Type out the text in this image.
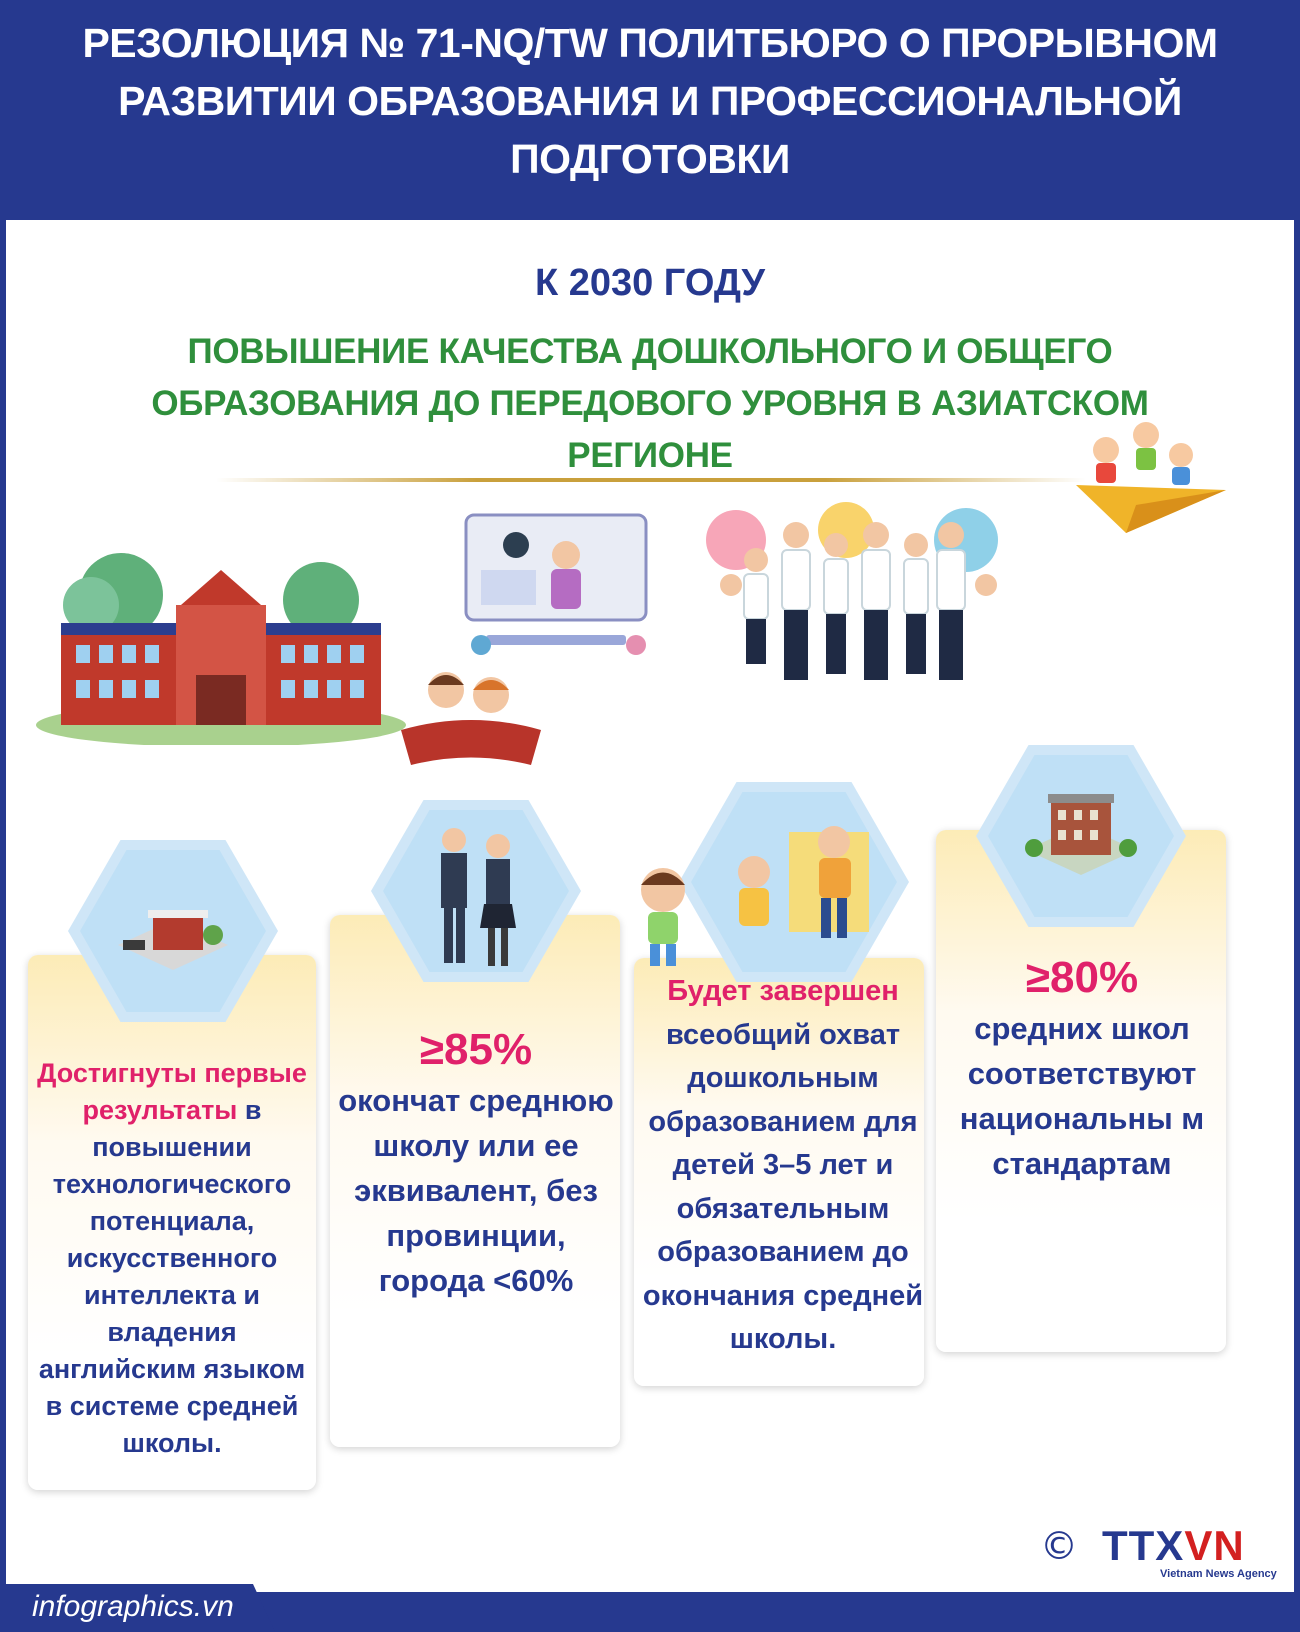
РЕЗОЛЮЦИЯ № 71-NQ/TW ПОЛИТБЮРО О ПРОРЫВНОМ РАЗВИТИИ ОБРАЗОВАНИЯ И ПРОФЕССИОНАЛЬНОЙ ПОДГОТОВКИ
К 2030 ГОДУ
ПОВЫШЕНИЕ КАЧЕСТВА ДОШКОЛЬНОГО И ОБЩЕГО ОБРАЗОВАНИЯ ДО ПЕРЕДОВОГО УРОВНЯ В АЗИАТСКОМ РЕГИОНЕ
Достигнуты первые результаты в повышении технологического потенциала, искусственного интеллекта и владения английским языком в системе средней школы.
≥85%
окончат среднюю школу или ее эквивалент, без провинции, города <60%
Будет завершен всеобщий охват дошкольным образованием для детей 3–5 лет и обязательным образованием до окончания средней школы.
≥80%
средних школ соответствуют национальны м стандартам
infographics.vn
© TTXVN
Vietnam News Agency
